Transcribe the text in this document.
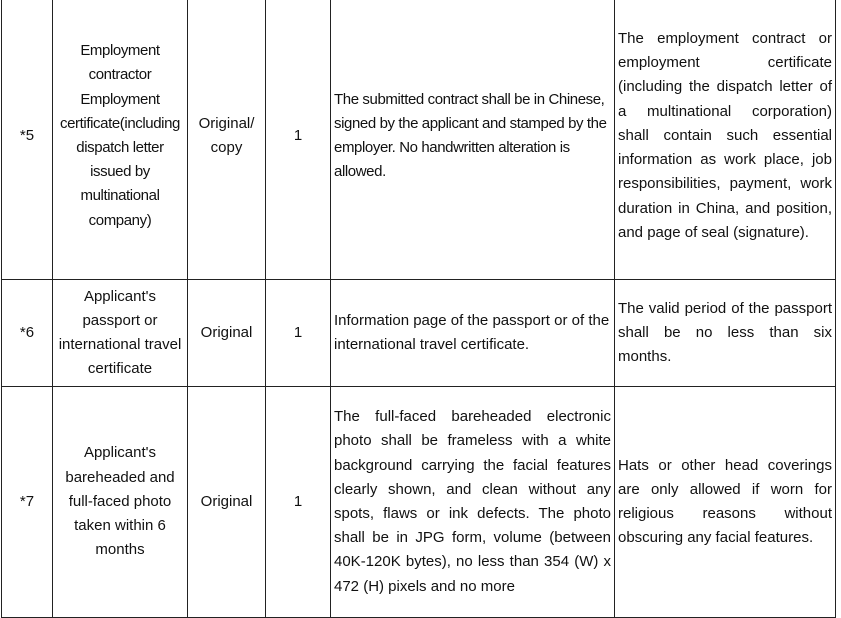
*5	Employment contractor Employment certificate(including dispatch letter issued by multinational company)	Original/ copy	1	The submitted contract shall be in Chinese, signed by the applicant and stamped by the employer. No handwritten alteration is allowed.	The employment contract or employment certificate (including the dispatch letter of a multinational corporation) shall contain such essential information as work place, job responsibilities, payment, work duration in China, and position, and page of seal (signature).
*6	Applicant's passport or international travel certificate	Original	1	Information page of the passport or of the international travel certificate.	The valid period of the passport shall be no less than six months.
*7	Applicant's bareheaded and full-faced photo taken within 6 months	Original	1	The full-faced bareheaded electronic photo shall be frameless with a white background carrying the facial features clearly shown, and clean without any spots, flaws or ink defects. The photo shall be in JPG form, volume (between 40K-120K bytes), no less than 354 (W) x 472 (H) pixels and no more	Hats or other head coverings are only allowed if worn for religious reasons without obscuring any facial features.
